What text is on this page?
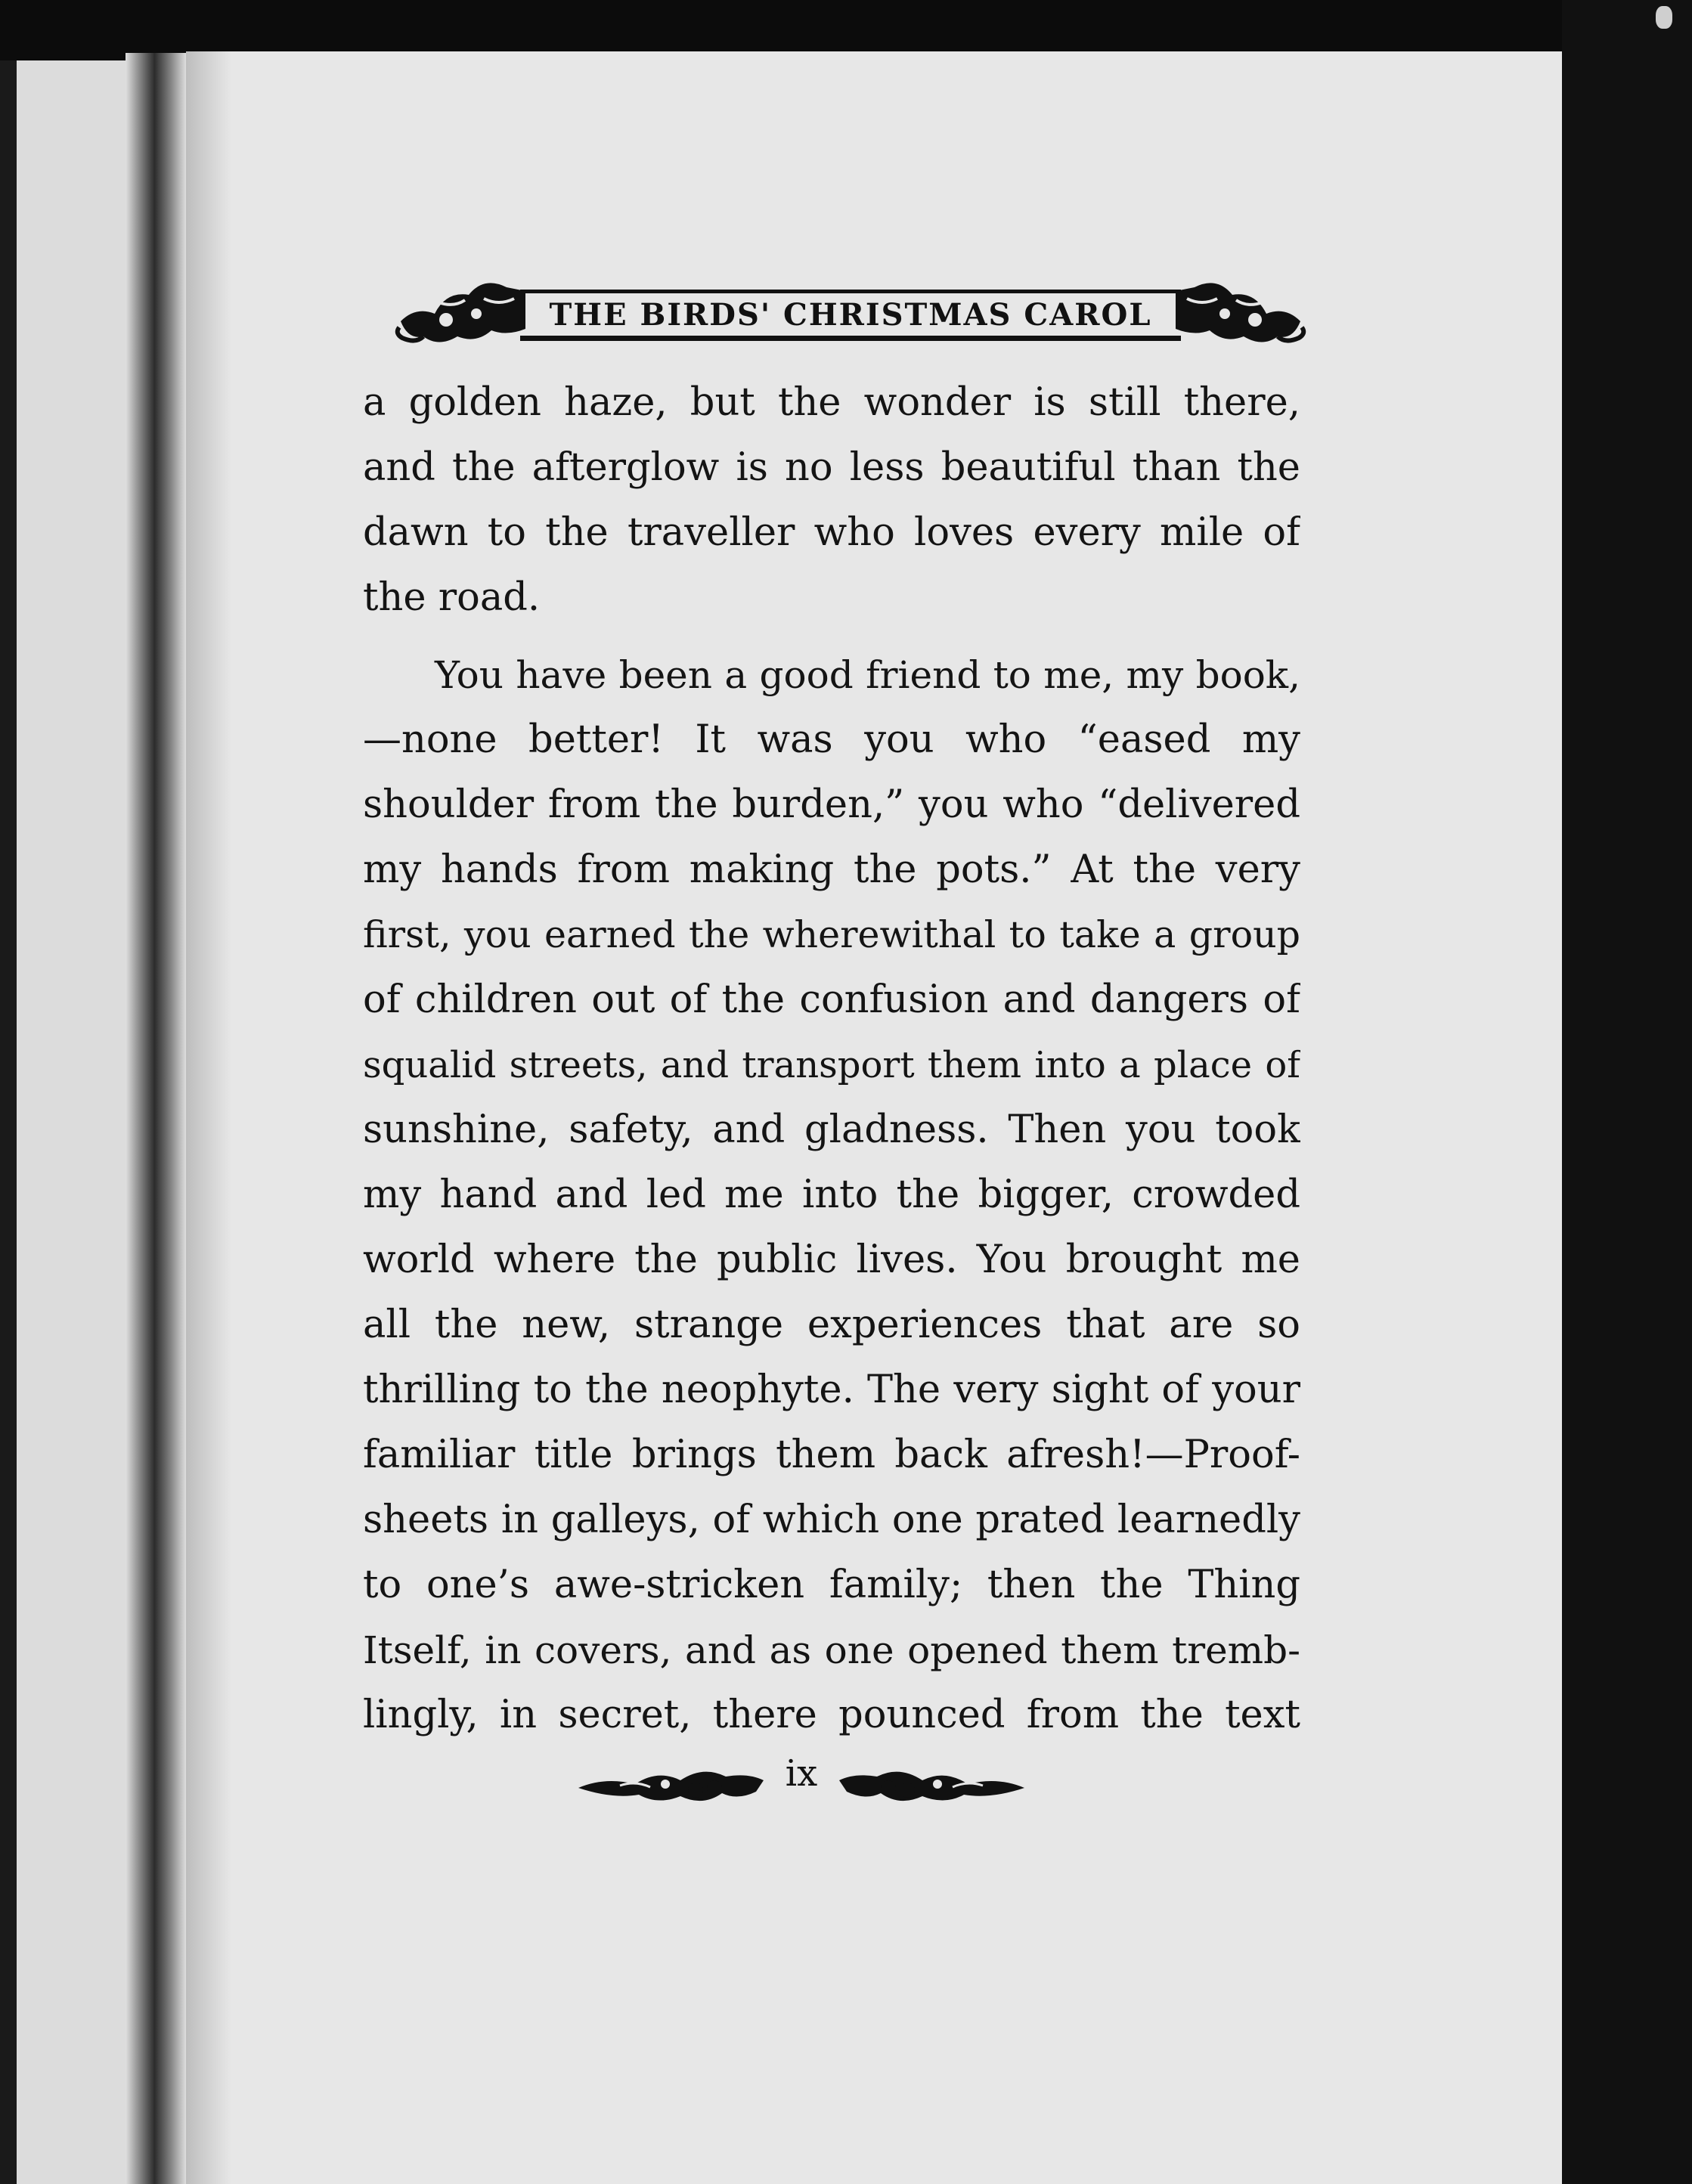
THE BIRDS' CHRISTMAS CAROL
a golden haze, but the wonder is still there,
and the afterglow is no less beautiful than the
dawn to the traveller who loves every mile of
the road.
You have been a good friend to me, my book,
—none better! It was you who “eased my
shoulder from the burden,” you who “delivered
my hands from making the pots.” At the very
first, you earned the wherewithal to take a group
of children out of the confusion and dangers of
squalid streets, and transport them into a place of
sunshine, safety, and gladness. Then you took
my hand and led me into the bigger, crowded
world where the public lives. You brought me
all the new, strange experiences that are so
thrilling to the neophyte. The very sight of your
familiar title brings them back afresh!—Proof-
sheets in galleys, of which one prated learnedly
to one’s awe-stricken family; then the Thing
Itself, in covers, and as one opened them tremb-
lingly, in secret, there pounced from the text
ix
